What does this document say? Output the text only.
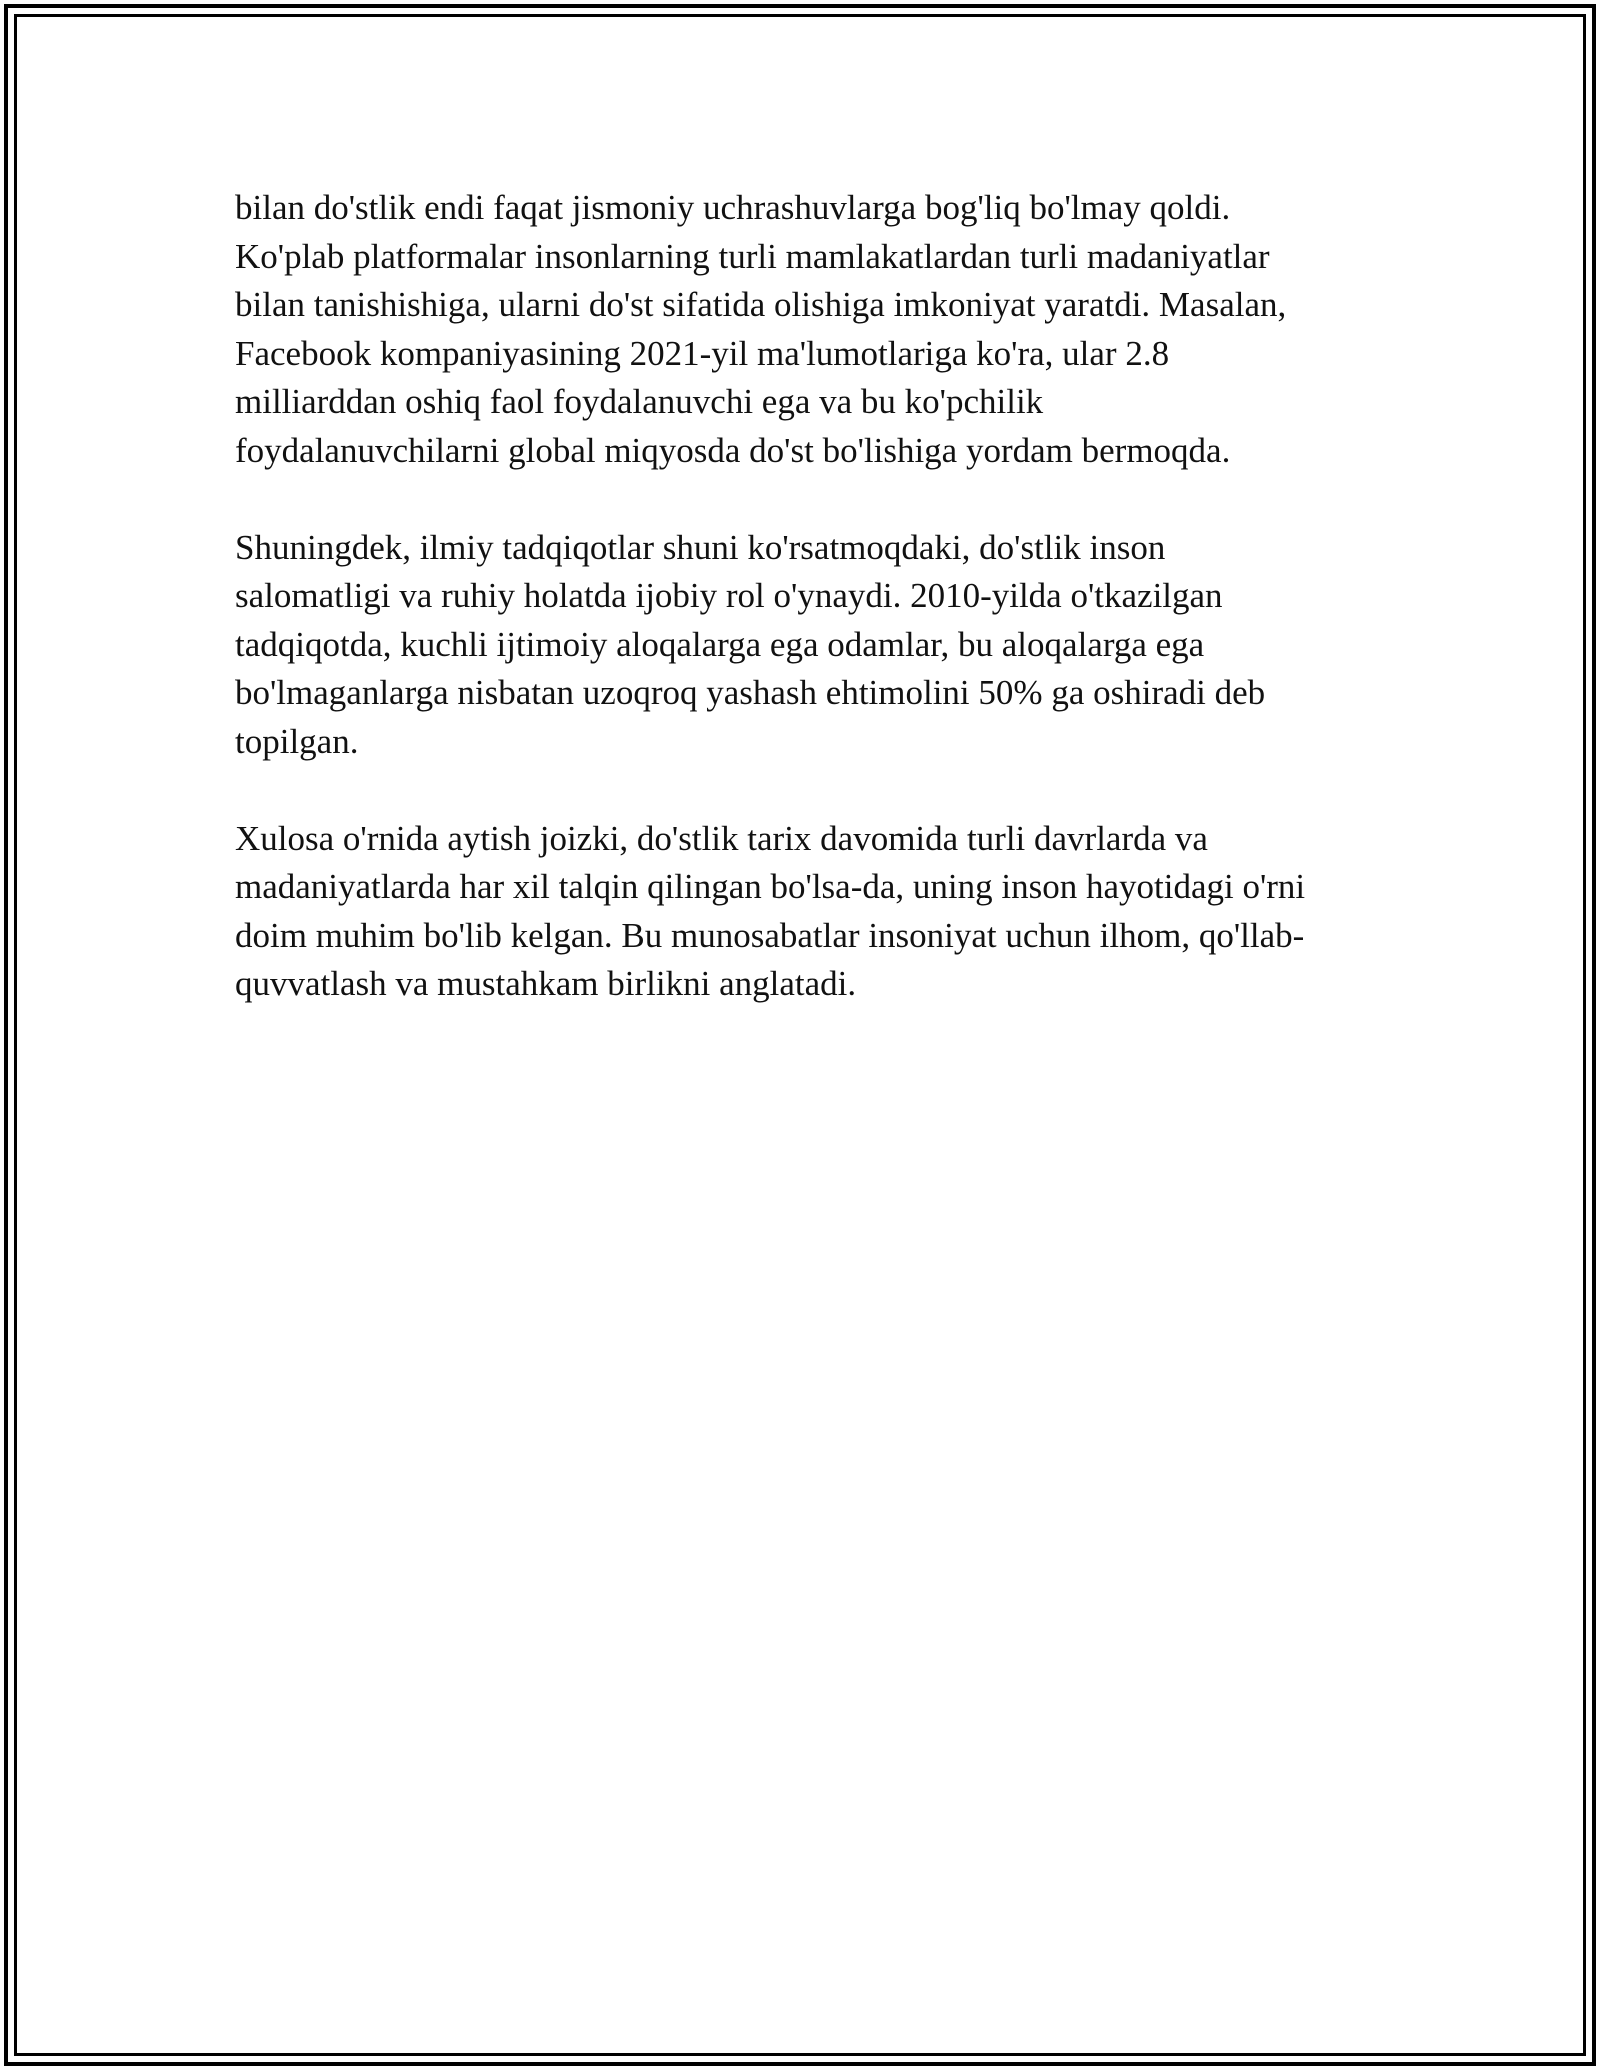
bilan do'stlik endi faqat jismoniy uchrashuvlarga bog'liq bo'lmay qoldi.
Ko'plab platformalar insonlarning turli mamlakatlardan turli madaniyatlar
bilan tanishishiga, ularni do'st sifatida olishiga imkoniyat yaratdi. Masalan,
Facebook kompaniyasining 2021-yil ma'lumotlariga ko'ra, ular 2.8
milliarddan oshiq faol foydalanuvchi ega va bu ko'pchilik
foydalanuvchilarni global miqyosda do'st bo'lishiga yordam bermoqda.

Shuningdek, ilmiy tadqiqotlar shuni ko'rsatmoqdaki, do'stlik inson
salomatligi va ruhiy holatda ijobiy rol o'ynaydi. 2010-yilda o'tkazilgan
tadqiqotda, kuchli ijtimoiy aloqalarga ega odamlar, bu aloqalarga ega
bo'lmaganlarga nisbatan uzoqroq yashash ehtimolini 50% ga oshiradi deb
topilgan.

Xulosa o'rnida aytish joizki, do'stlik tarix davomida turli davrlarda va
madaniyatlarda har xil talqin qilingan bo'lsa-da, uning inson hayotidagi o'rni
doim muhim bo'lib kelgan. Bu munosabatlar insoniyat uchun ilhom, qo'llab-
quvvatlash va mustahkam birlikni anglatadi.
